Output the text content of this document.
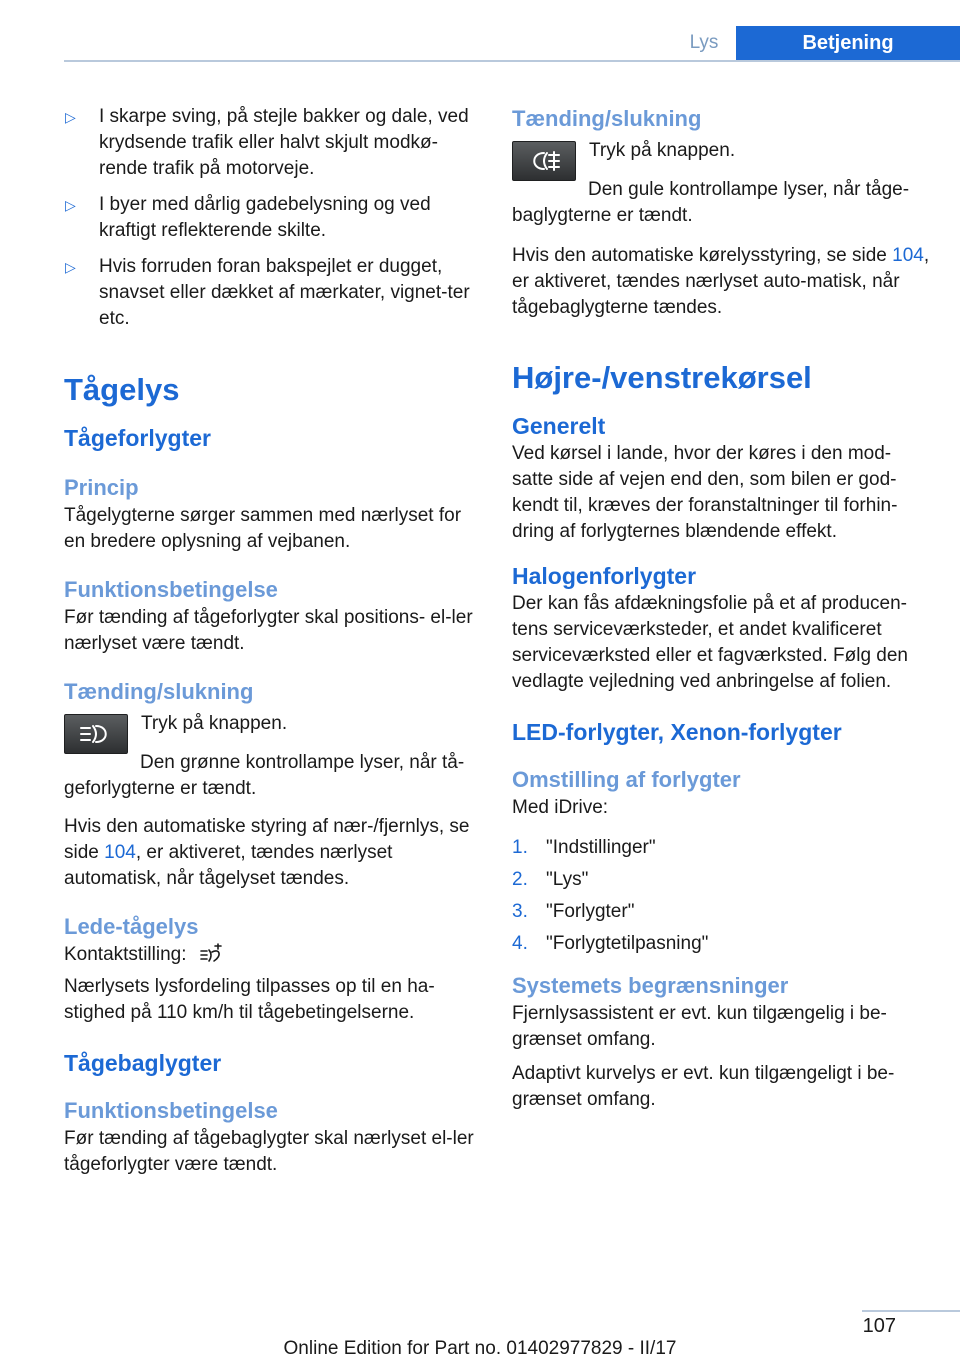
Lys	Betjening
▷ I skarpe sving, på stejle bakker og dale, ved krydsende trafik eller halvt skjult modkø-rende trafik på motorveje.
▷ I byer med dårlig gadebelysning og ved kraftigt reflekterende skilte.
▷ Hvis forruden foran bakspejlet er dugget, snavset eller dækket af mærkater, vignet-ter etc.
Tågelys
Tågeforlygter
Princip

Tågelygterne sørger sammen med nærlyset for en bredere oplysning af vejbanen.

Funktionsbetingelse

Før tænding af tågeforlygter skal positions- el-ler nærlyset være tændt.

Tænding/slukning

Tryk på knappen.

Den grønne kontrollampe lyser, når tå-geforlygterne er tændt.

Hvis den automatiske styring af nær-/fjernlys, se side 104, er aktiveret, tændes nærlyset automatisk, når tågelyset tændes.

Lede-tågelys

Kontaktstilling:

Nærlysets lysfordeling tilpasses op til en ha-stighed på 110 km/h til tågebetingelserne.

Tågebaglygter
Funktionsbetingelse

Før tænding af tågebaglygter skal nærlyset el-ler tågeforlygter være tændt.

Tænding/slukning

Tryk på knappen.

Den gule kontrollampe lyser, når tåge-baglygterne er tændt.

Hvis den automatiske kørelysstyring, se side 104, er aktiveret, tændes nærlyset auto-matisk, når tågebaglygterne tændes.

Højre-/venstrekørsel
Generelt

Ved kørsel i lande, hvor der køres i den mod-satte side af vejen end den, som bilen er god-kendt til, kræves der foranstaltninger til forhin-dring af forlygternes blændende effekt.

Halogenforlygter

Der kan fås afdækningsfolie på et af producen-tens serviceværksteder, et andet kvalificeret serviceværksted eller et fagværksted. Følg den vedlagte vejledning ved anbringelse af folien.

LED-forlygter, Xenon-forlygter
Omstilling af forlygter

Med iDrive:

1. "Indstillinger"
2. "Lys"
3. "Forlygter"
4. "Forlygtetilpasning"
Systemets begrænsninger

Fjernlysassistent er evt. kun tilgængelig i be-grænset omfang.

Adaptivt kurvelys er evt. kun tilgængeligt i be-grænset omfang.

107
Online Edition for Part no. 01402977829 - II/17
